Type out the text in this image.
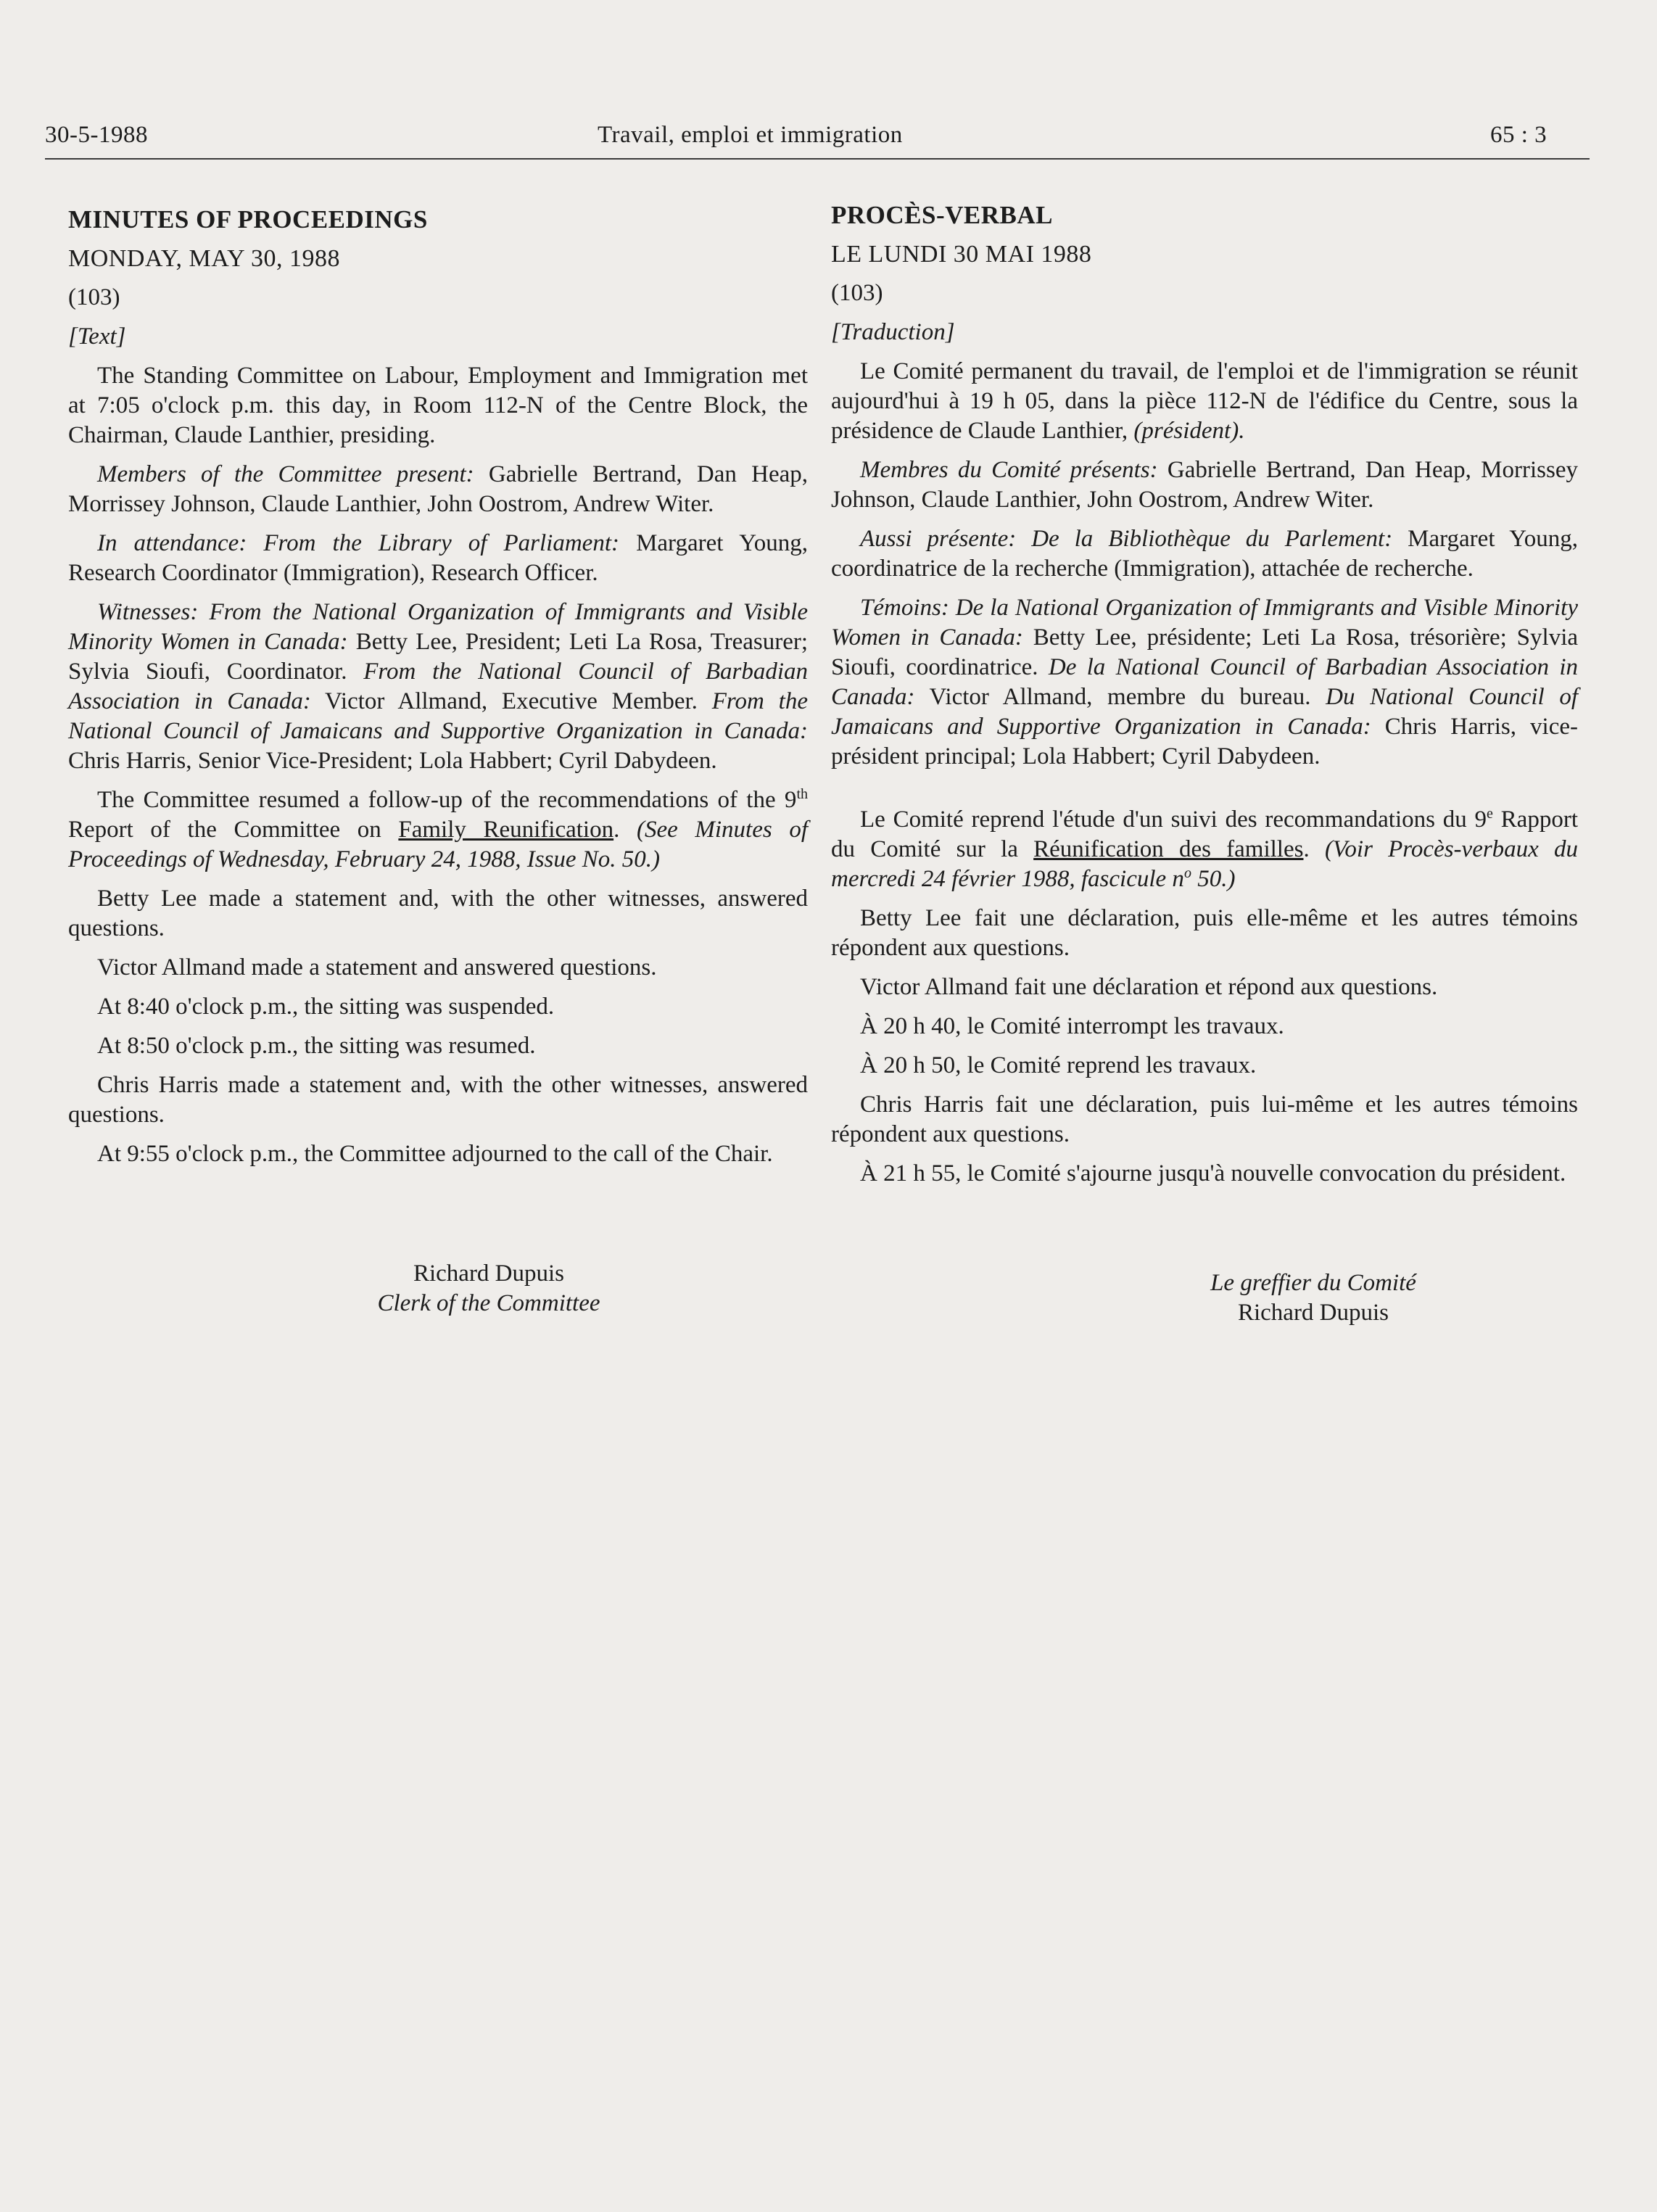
30-5-1988	Travail, emploi et immigration	65 : 3

MINUTES OF PROCEEDINGS

MONDAY, MAY 30, 1988

(103)

[Text]

The Standing Committee on Labour, Employment and Immigration met at 7:05 o'clock p.m. this day, in Room 112-N of the Centre Block, the Chairman, Claude Lanthier, presiding.

Members of the Committee present: Gabrielle Bertrand, Dan Heap, Morrissey Johnson, Claude Lanthier, John Oostrom, Andrew Witer.

In attendance: From the Library of Parliament: Margaret Young, Research Coordinator (Immigration), Research Officer.

Witnesses: From the National Organization of Immigrants and Visible Minority Women in Canada: Betty Lee, President; Leti La Rosa, Treasurer; Sylvia Sioufi, Coordinator. From the National Council of Barbadian Association in Canada: Victor Allmand, Executive Member. From the National Council of Jamaicans and Supportive Organization in Canada: Chris Harris, Senior Vice-President; Lola Habbert; Cyril Dabydeen.

The Committee resumed a follow-up of the recommendations of the 9th Report of the Committee on Family Reunification. (See Minutes of Proceedings of Wednesday, February 24, 1988, Issue No. 50.)

Betty Lee made a statement and, with the other witnesses, answered questions.

Victor Allmand made a statement and answered questions.

At 8:40 o'clock p.m., the sitting was suspended.

At 8:50 o'clock p.m., the sitting was resumed.

Chris Harris made a statement and, with the other witnesses, answered questions.

At 9:55 o'clock p.m., the Committee adjourned to the call of the Chair.

Richard Dupuis
Clerk of the Committee

PROCÈS-VERBAL

LE LUNDI 30 MAI 1988

(103)

[Traduction]

Le Comité permanent du travail, de l'emploi et de l'immigration se réunit aujourd'hui à 19 h 05, dans la pièce 112-N de l'édifice du Centre, sous la présidence de Claude Lanthier, (président).

Membres du Comité présents: Gabrielle Bertrand, Dan Heap, Morrissey Johnson, Claude Lanthier, John Oostrom, Andrew Witer.

Aussi présente: De la Bibliothèque du Parlement: Margaret Young, coordinatrice de la recherche (Immigration), attachée de recherche.

Témoins: De la National Organization of Immigrants and Visible Minority Women in Canada: Betty Lee, présidente; Leti La Rosa, trésorière; Sylvia Sioufi, coordinatrice. De la National Council of Barbadian Association in Canada: Victor Allmand, membre du bureau. Du National Council of Jamaicans and Supportive Organization in Canada: Chris Harris, vice-président principal; Lola Habbert; Cyril Dabydeen.

Le Comité reprend l'étude d'un suivi des recommandations du 9e Rapport du Comité sur la Réunification des familles. (Voir Procès-verbaux du mercredi 24 février 1988, fascicule $n^o$ 50.)

Betty Lee fait une déclaration, puis elle-même et les autres témoins répondent aux questions.

Victor Allmand fait une déclaration et répond aux questions.

À 20 h 40, le Comité interrompt les travaux.

À 20 h 50, le Comité reprend les travaux.

Chris Harris fait une déclaration, puis lui-même et les autres témoins répondent aux questions.

À 21 h 55, le Comité s'ajourne jusqu'à nouvelle convocation du président.

Le greffier du Comité
Richard Dupuis
